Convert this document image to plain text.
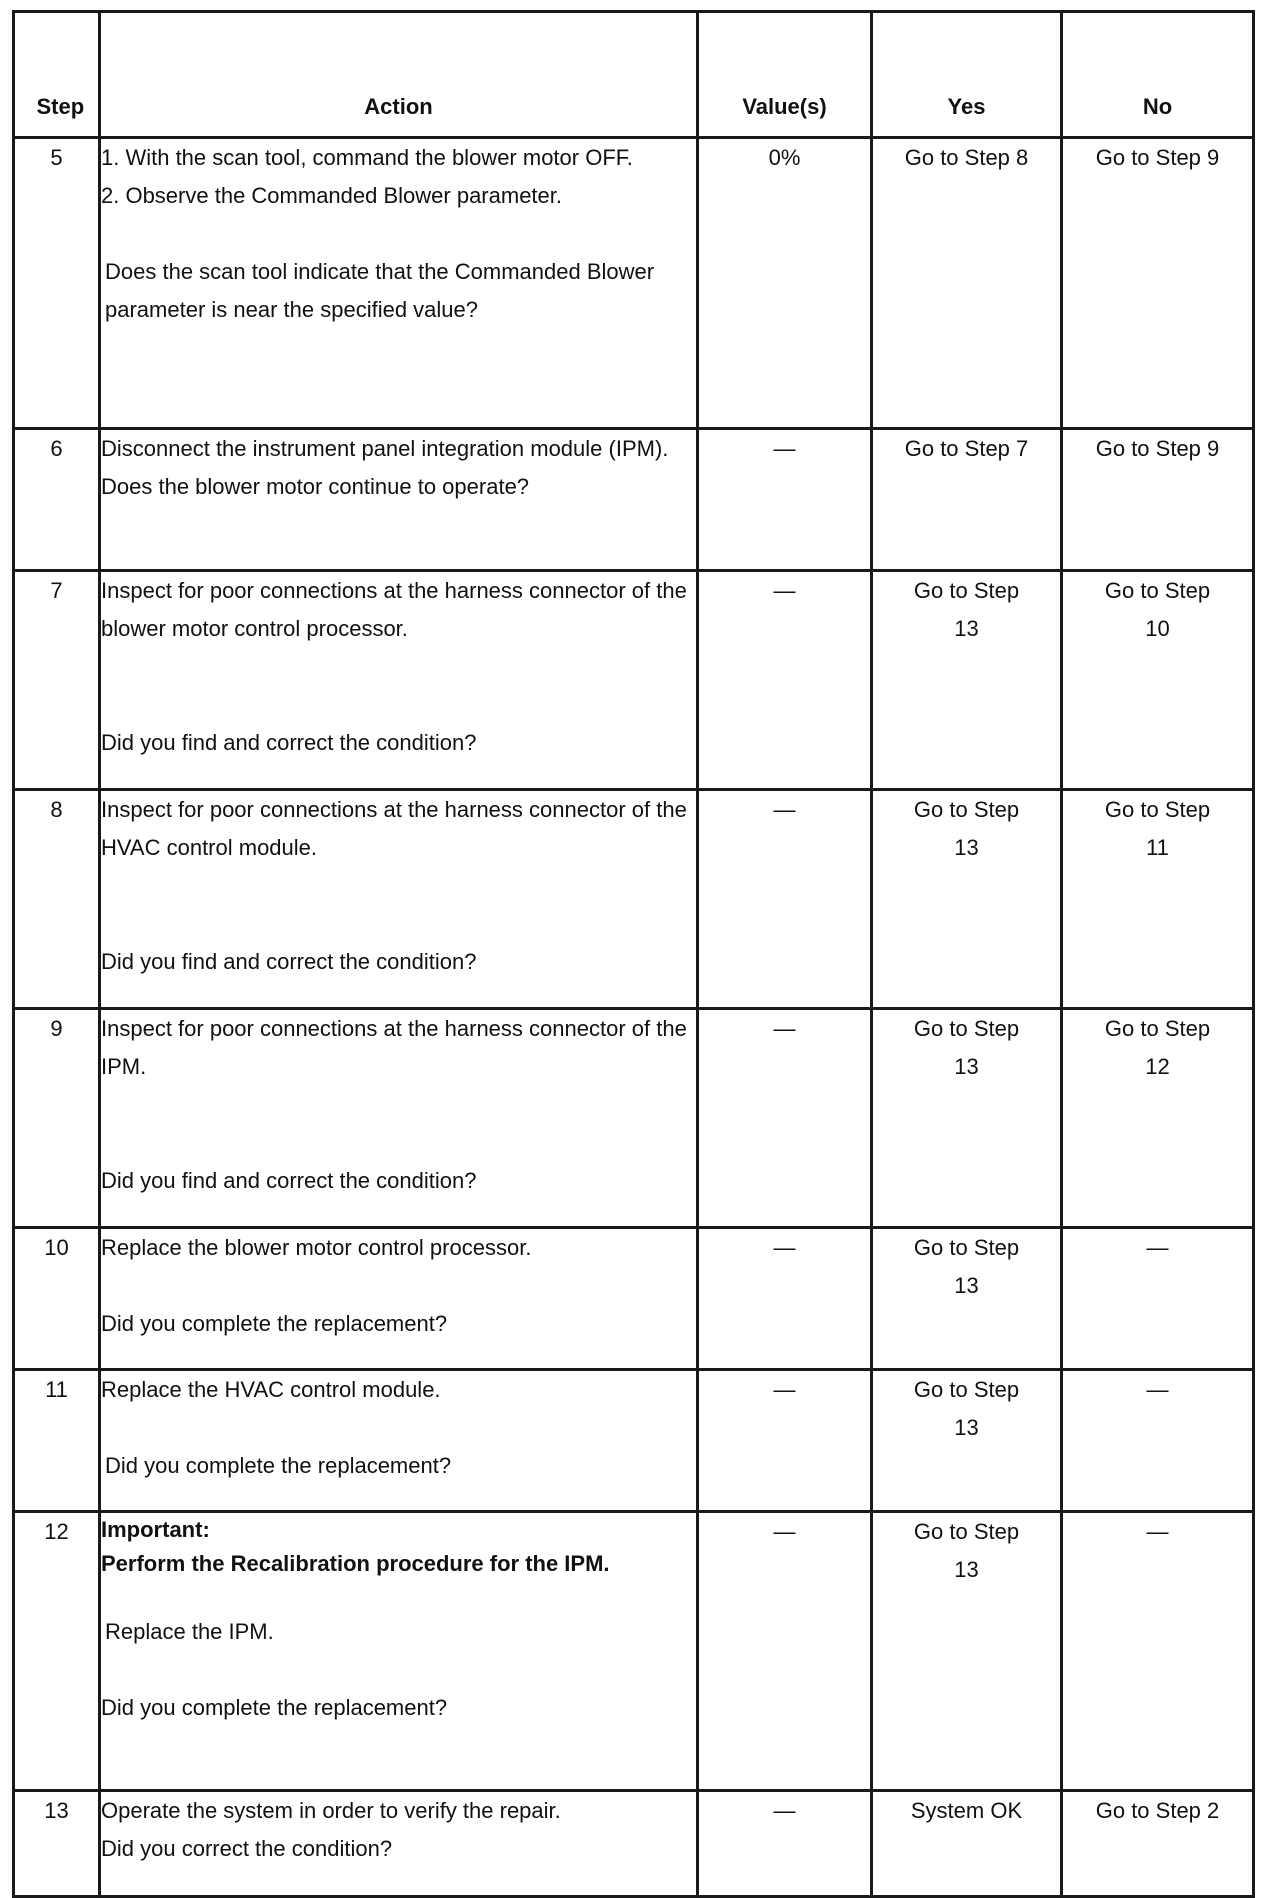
Step	Action	Value(s)	Yes	No
5	1. With the scan tool, command the blower motor OFF.

2. Observe the Commanded Blower parameter.

Does the scan tool indicate that the Commanded Blower parameter is near the specified value?	0%	Go to Step 8	Go to Step 9
6	Disconnect the instrument panel integration module (IPM). Does the blower motor continue to operate?	—	Go to Step 7	Go to Step 9
7	Inspect for poor connections at the harness connector of the blower motor control processor.

Did you find and correct the condition?	—	Go to Step 13	Go to Step 10
8	Inspect for poor connections at the harness connector of the HVAC control module.

Did you find and correct the condition?	—	Go to Step 13	Go to Step 11
9	Inspect for poor connections at the harness connector of the IPM.

Did you find and correct the condition?	—	Go to Step 13	Go to Step 12
10	Replace the blower motor control processor.

Did you complete the replacement?	—	Go to Step 13	—
11	Replace the HVAC control module.

Did you complete the replacement?	—	Go to Step 13	—
12	Important:

Perform the Recalibration procedure for the IPM.

Replace the IPM.

Did you complete the replacement?	—	Go to Step 13	—
13	Operate the system in order to verify the repair.

Did you correct the condition?	—	System OK	Go to Step 2
